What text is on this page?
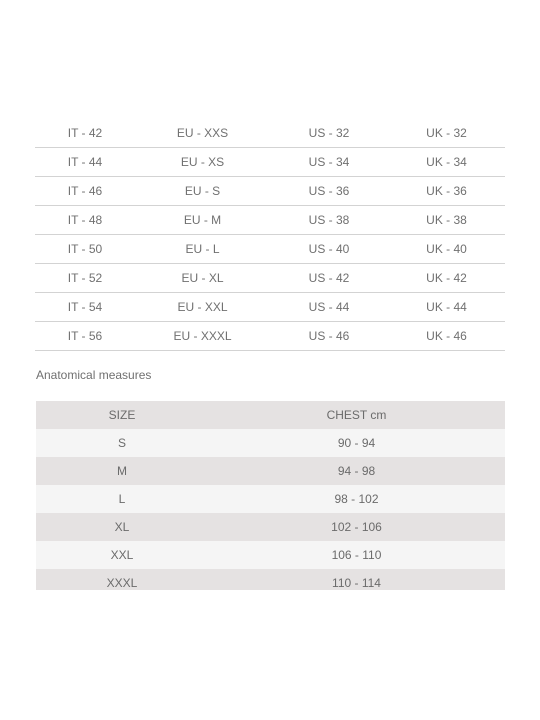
IT - 42	EU - XXS	US - 32	UK - 32
IT - 44	EU - XS	US - 34	UK - 34
IT - 46	EU - S	US - 36	UK - 36
IT - 48	EU - M	US - 38	UK - 38
IT - 50	EU - L	US - 40	UK - 40
IT - 52	EU - XL	US - 42	UK - 42
IT - 54	EU - XXL	US - 44	UK - 44
IT - 56	EU - XXXL	US - 46	UK - 46
Anatomical measures
SIZE	CHEST cm
S	90 - 94
M	94 - 98
L	98 - 102
XL	102 - 106
XXL	106 - 110
XXXL	110 - 114
